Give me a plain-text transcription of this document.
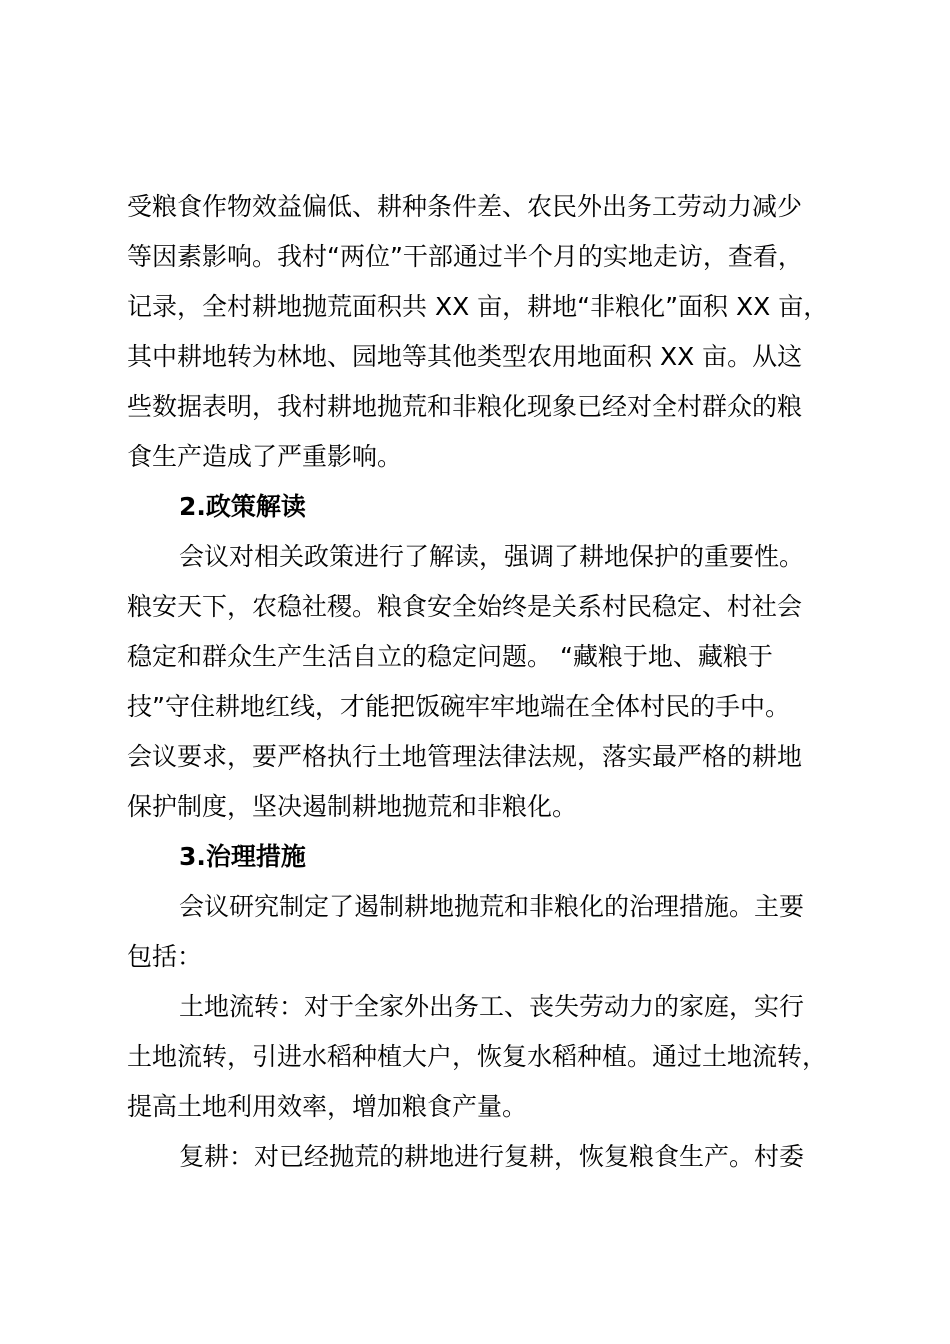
受粮食作物效益偏低、耕种条件差、农民外出务工劳动力减少
等因素影响。我村“两位”干部通过半个月的实地走访，查看，
记录，全村耕地抛荒面积共 XX 亩，耕地“非粮化”面积 XX 亩，
其中耕地转为林地、园地等其他类型农用地面积 XX 亩。从这
些数据表明，我村耕地抛荒和非粮化现象已经对全村群众的粮
食生产造成了严重影响。
2.政策解读
会议对相关政策进行了解读，强调了耕地保护的重要性。
粮安天下，农稳社稷。粮食安全始终是关系村民稳定、村社会
稳定和群众生产生活自立的稳定问题。 “藏粮于地、藏粮于
技”守住耕地红线，才能把饭碗牢牢地端在全体村民的手中。
会议要求，要严格执行土地管理法律法规，落实最严格的耕地
保护制度，坚决遏制耕地抛荒和非粮化。
3.治理措施
会议研究制定了遏制耕地抛荒和非粮化的治理措施。主要
包括：
土地流转：对于全家外出务工、丧失劳动力的家庭，实行
土地流转，引进水稻种植大户，恢复水稻种植。通过土地流转，
提高土地利用效率，增加粮食产量。
复耕：对已经抛荒的耕地进行复耕，恢复粮食生产。村委
